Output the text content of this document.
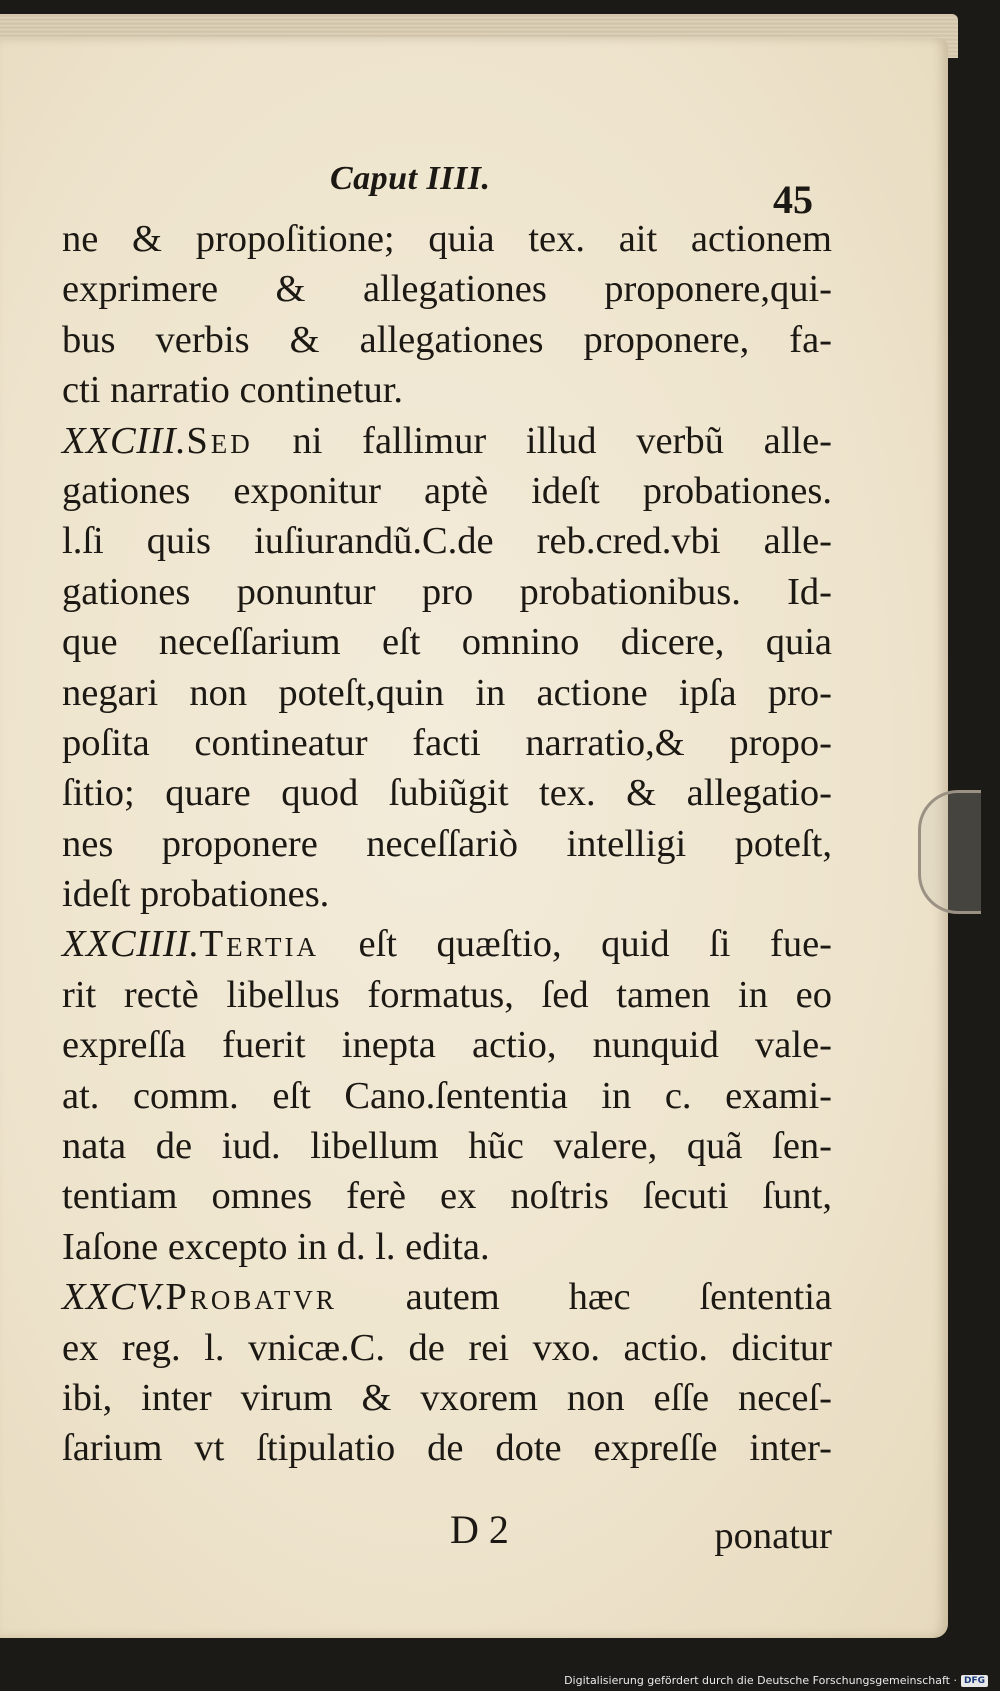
Caput IIII.	45
ne & propoſitione; quia tex. ait actionem
exprimere & allegationes proponere,qui-
bus verbis & allegationes proponere, fa-
cti narratio continetur.
XXCIII.Sed ni fallimur illud verbũ alle-
gationes exponitur aptè ideſt probationes.
l.ſi quis iuſiurandũ.C.de reb.cred.vbi alle-
gationes ponuntur pro probationibus. Id-
que neceſſarium eſt omnino dicere, quia
negari non poteſt,quin in actione ipſa pro-
poſita contineatur facti narratio,& propo-
ſitio; quare quod ſubiũgit tex. & allegatio-
nes proponere neceſſariò intelligi poteſt,
ideſt probationes.
XXCIIII.Tertia eſt quæſtio, quid ſi fue-
rit rectè libellus formatus, ſed tamen in eo
expreſſa fuerit inepta actio, nunquid vale-
at. comm. eſt Cano.ſententia in c. exami-
nata de iud. libellum hũc valere, quã ſen-
tentiam omnes ferè ex noſtris ſecuti ſunt,
Iaſone excepto in d. l. edita.
XXCV.Probatvr autem hæc ſententia
ex reg. l. vnicæ.C. de rei vxo. actio. dicitur
ibi, inter virum & vxorem non eſſe neceſ-
ſarium vt ſtipulatio de dote expreſſe inter-
D 2	ponatur
Digitalisierung gefördert durch die Deutsche Forschungsgemeinschaft · DFG
